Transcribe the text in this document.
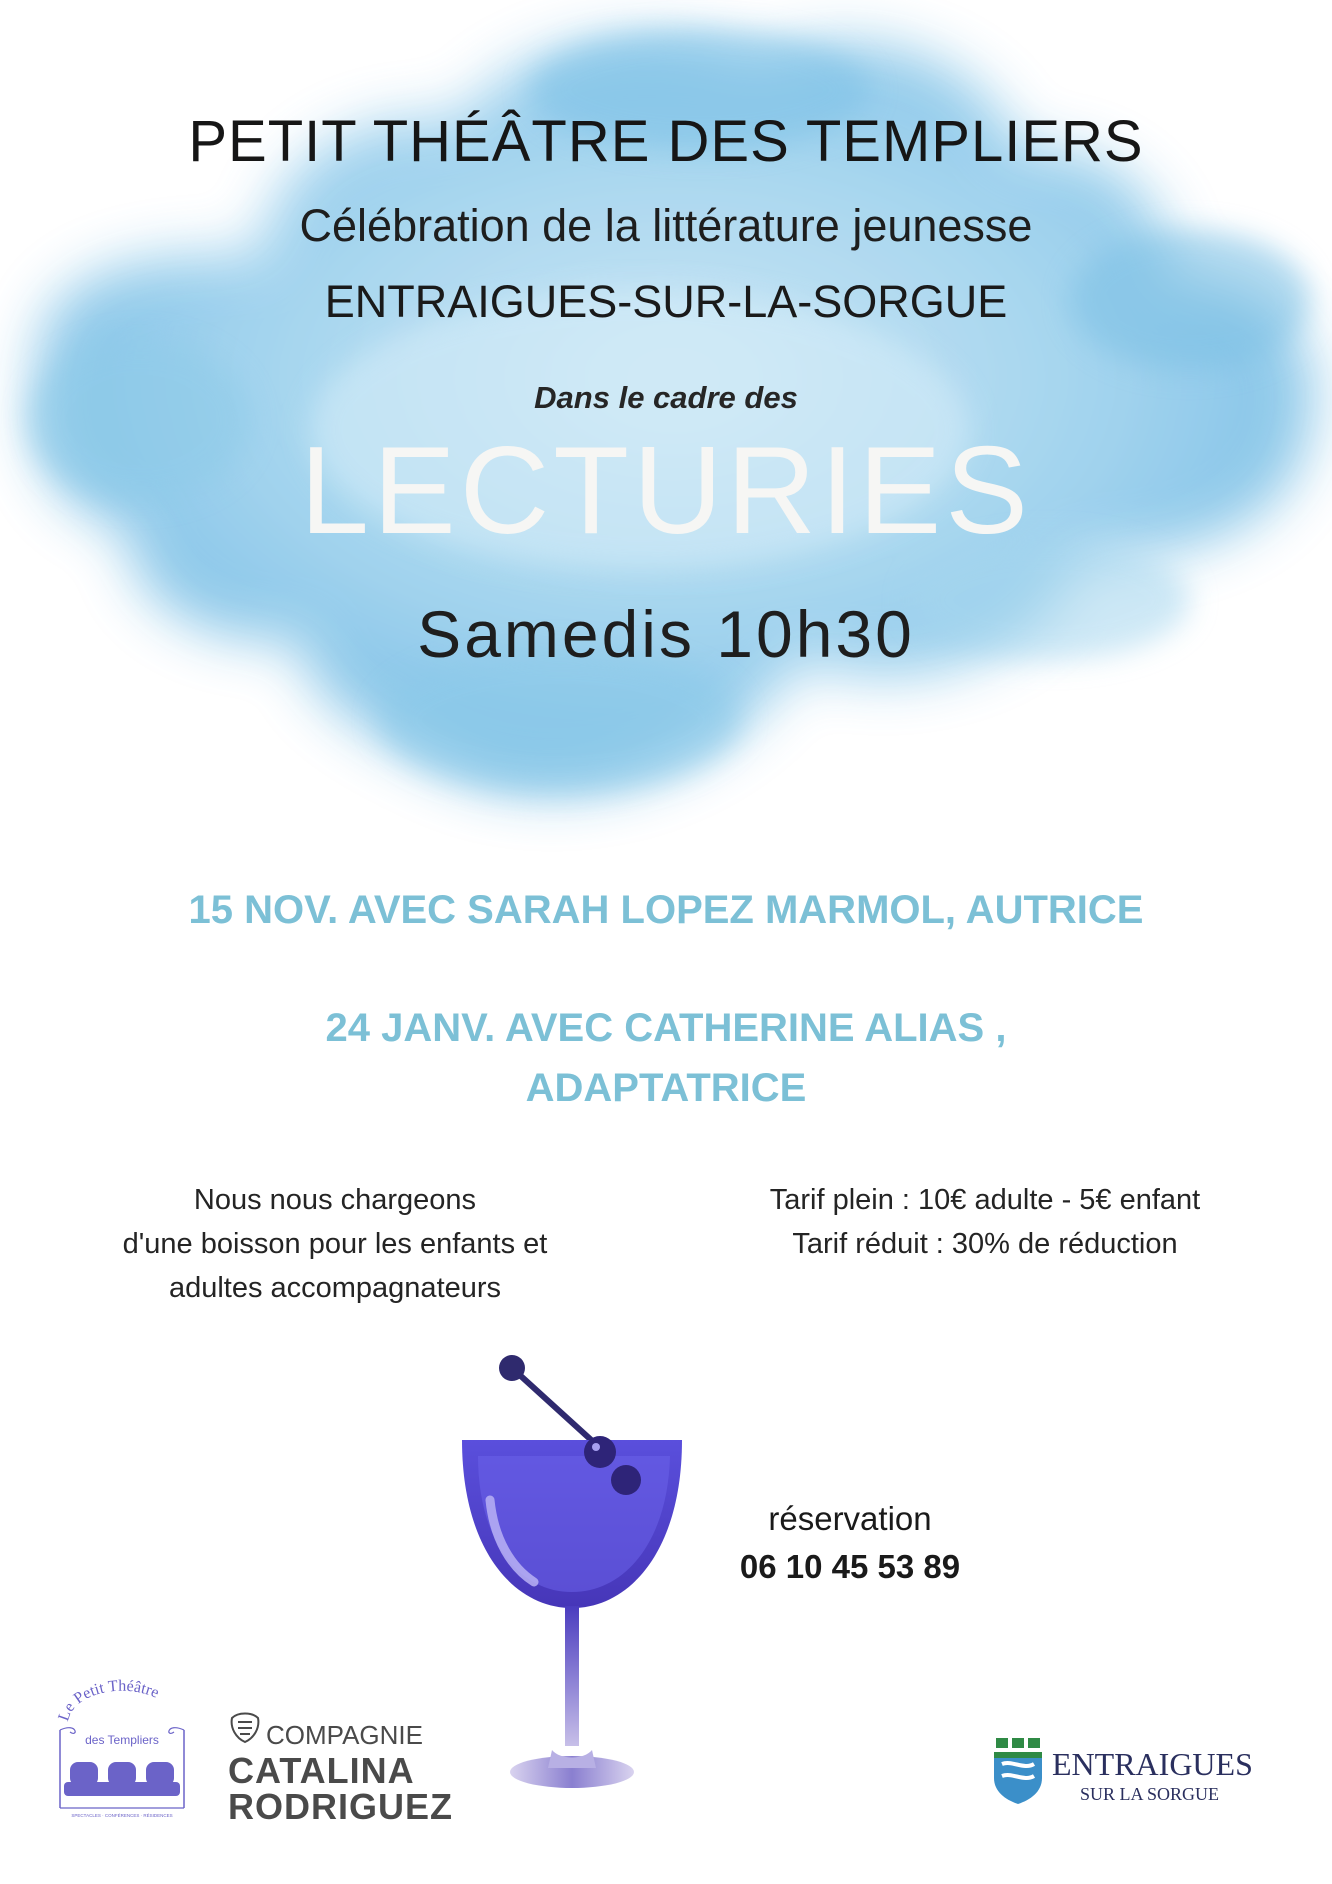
PETIT THÉÂTRE DES TEMPLIERS
Célébration de la littérature jeunesse
ENTRAIGUES-SUR-LA-SORGUE
Dans le cadre des
LECTURIES
Samedis 10h30
15 NOV. AVEC SARAH LOPEZ MARMOL, AUTRICE
24 JANV. AVEC CATHERINE ALIAS ,
ADAPTATRICE
Nous nous chargeons
d'une boisson pour les enfants et
adultes accompagnateurs
Tarif plein : 10€ adulte - 5€ enfant
Tarif réduit : 30% de réduction
réservation
06 10 45 53 89
Le Petit Théâtre
des Templiers
SPECTACLES · CONFÉRENCES · RÉSIDENCES
COMPAGNIE
CATALINA
RODRIGUEZ
ENTRAIGUES
SUR LA SORGUE
